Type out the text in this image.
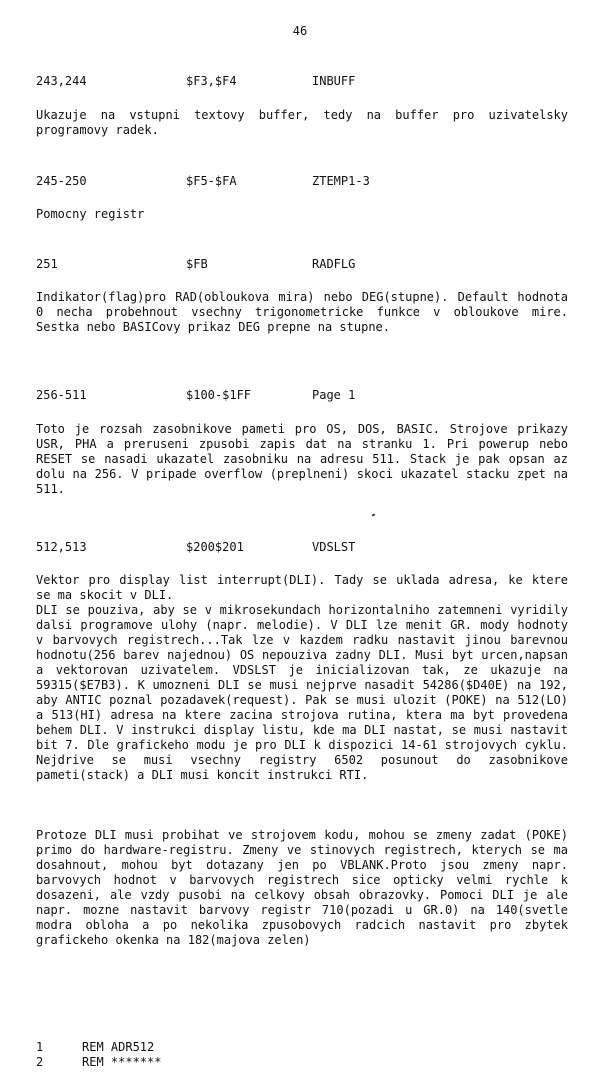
46
243,244	$F3,$F4	INBUFF

Ukazuje na vstupni textovy buffer, tedy na buffer pro uzivatelsky programovy radek.

245-250	$F5-$FA	ZTEMP1-3

Pomocny registr

251	$FB	RADFLG

Indikator(flag)pro RAD(obloukova mira) nebo DEG(stupne). Default hodnota 0 necha probehnout vsechny trigonometricke funkce v obloukove mire. Sestka nebo BASICovy prikaz DEG prepne na stupne.

256-511	$100-$1FF	Page 1

Toto je rozsah zasobnikove pameti pro OS, DOS, BASIC. Strojove prikazy USR, PHA a preruseni zpusobi zapis dat na stranku 1. Pri powerup nebo RESET se nasadi ukazatel zasobniku na adresu 511. Stack je pak opsan az dolu na 256. V pripade overflow (preplneni) skoci ukazatel stacku zpet na 511.

512,513	$200$201	VDSLST

Vektor pro display list interrupt(DLI). Tady se uklada adresa, ke ktere se ma skocit v DLI.

DLI se pouziva, aby se v mikrosekundach horizontalniho zatemneni vyridily dalsi programove ulohy (napr. melodie). V DLI lze menit GR. mody hodnoty v barvovych registrech...Tak lze v kazdem radku nastavit jinou barevnou hodnotu(256 barev najednou) OS nepouziva zadny DLI. Musi byt urcen,napsan a vektorovan uzivatelem. VDSLST je inicializovan tak, ze ukazuje na 59315($E7B3). K umozneni DLI se musi nejprve nasadit 54286($D40E) na 192, aby ANTIC poznal pozadavek(request). Pak se musi ulozit (POKE) na 512(LO) a 513(HI) adresa na ktere zacina strojova rutina, ktera ma byt provedena behem DLI. V instrukci display listu, kde ma DLI nastat, se musi nastavit bit 7. Dle grafickeho modu je pro DLI k dispozici 14-61 strojovych cyklu. Nejdrive se musi vsechny registry 6502 posunout do zasobnikove pameti(stack) a DLI musi koncit instrukci RTI.

Protoze DLI musi probihat ve strojovem kodu, mohou se zmeny zadat (POKE) primo do hardware-registru. Zmeny ve stinovych registrech, kterych se ma dosahnout, mohou byt dotazany jen po VBLANK.Proto jsou zmeny napr. barvovych hodnot v barvovych registrech sice opticky velmi rychle k dosazeni, ale vzdy pusobi na celkovy obsah obrazovky. Pomoci DLI je ale napr. mozne nastavit barvovy registr 710(pozadi u GR.0) na 140(svetle modra obloha a po nekolika zpusobovych radcich nastavit pro zbytek grafickeho okenka na 182(majova zelen)

1	REM ADR512
2	REM *******
